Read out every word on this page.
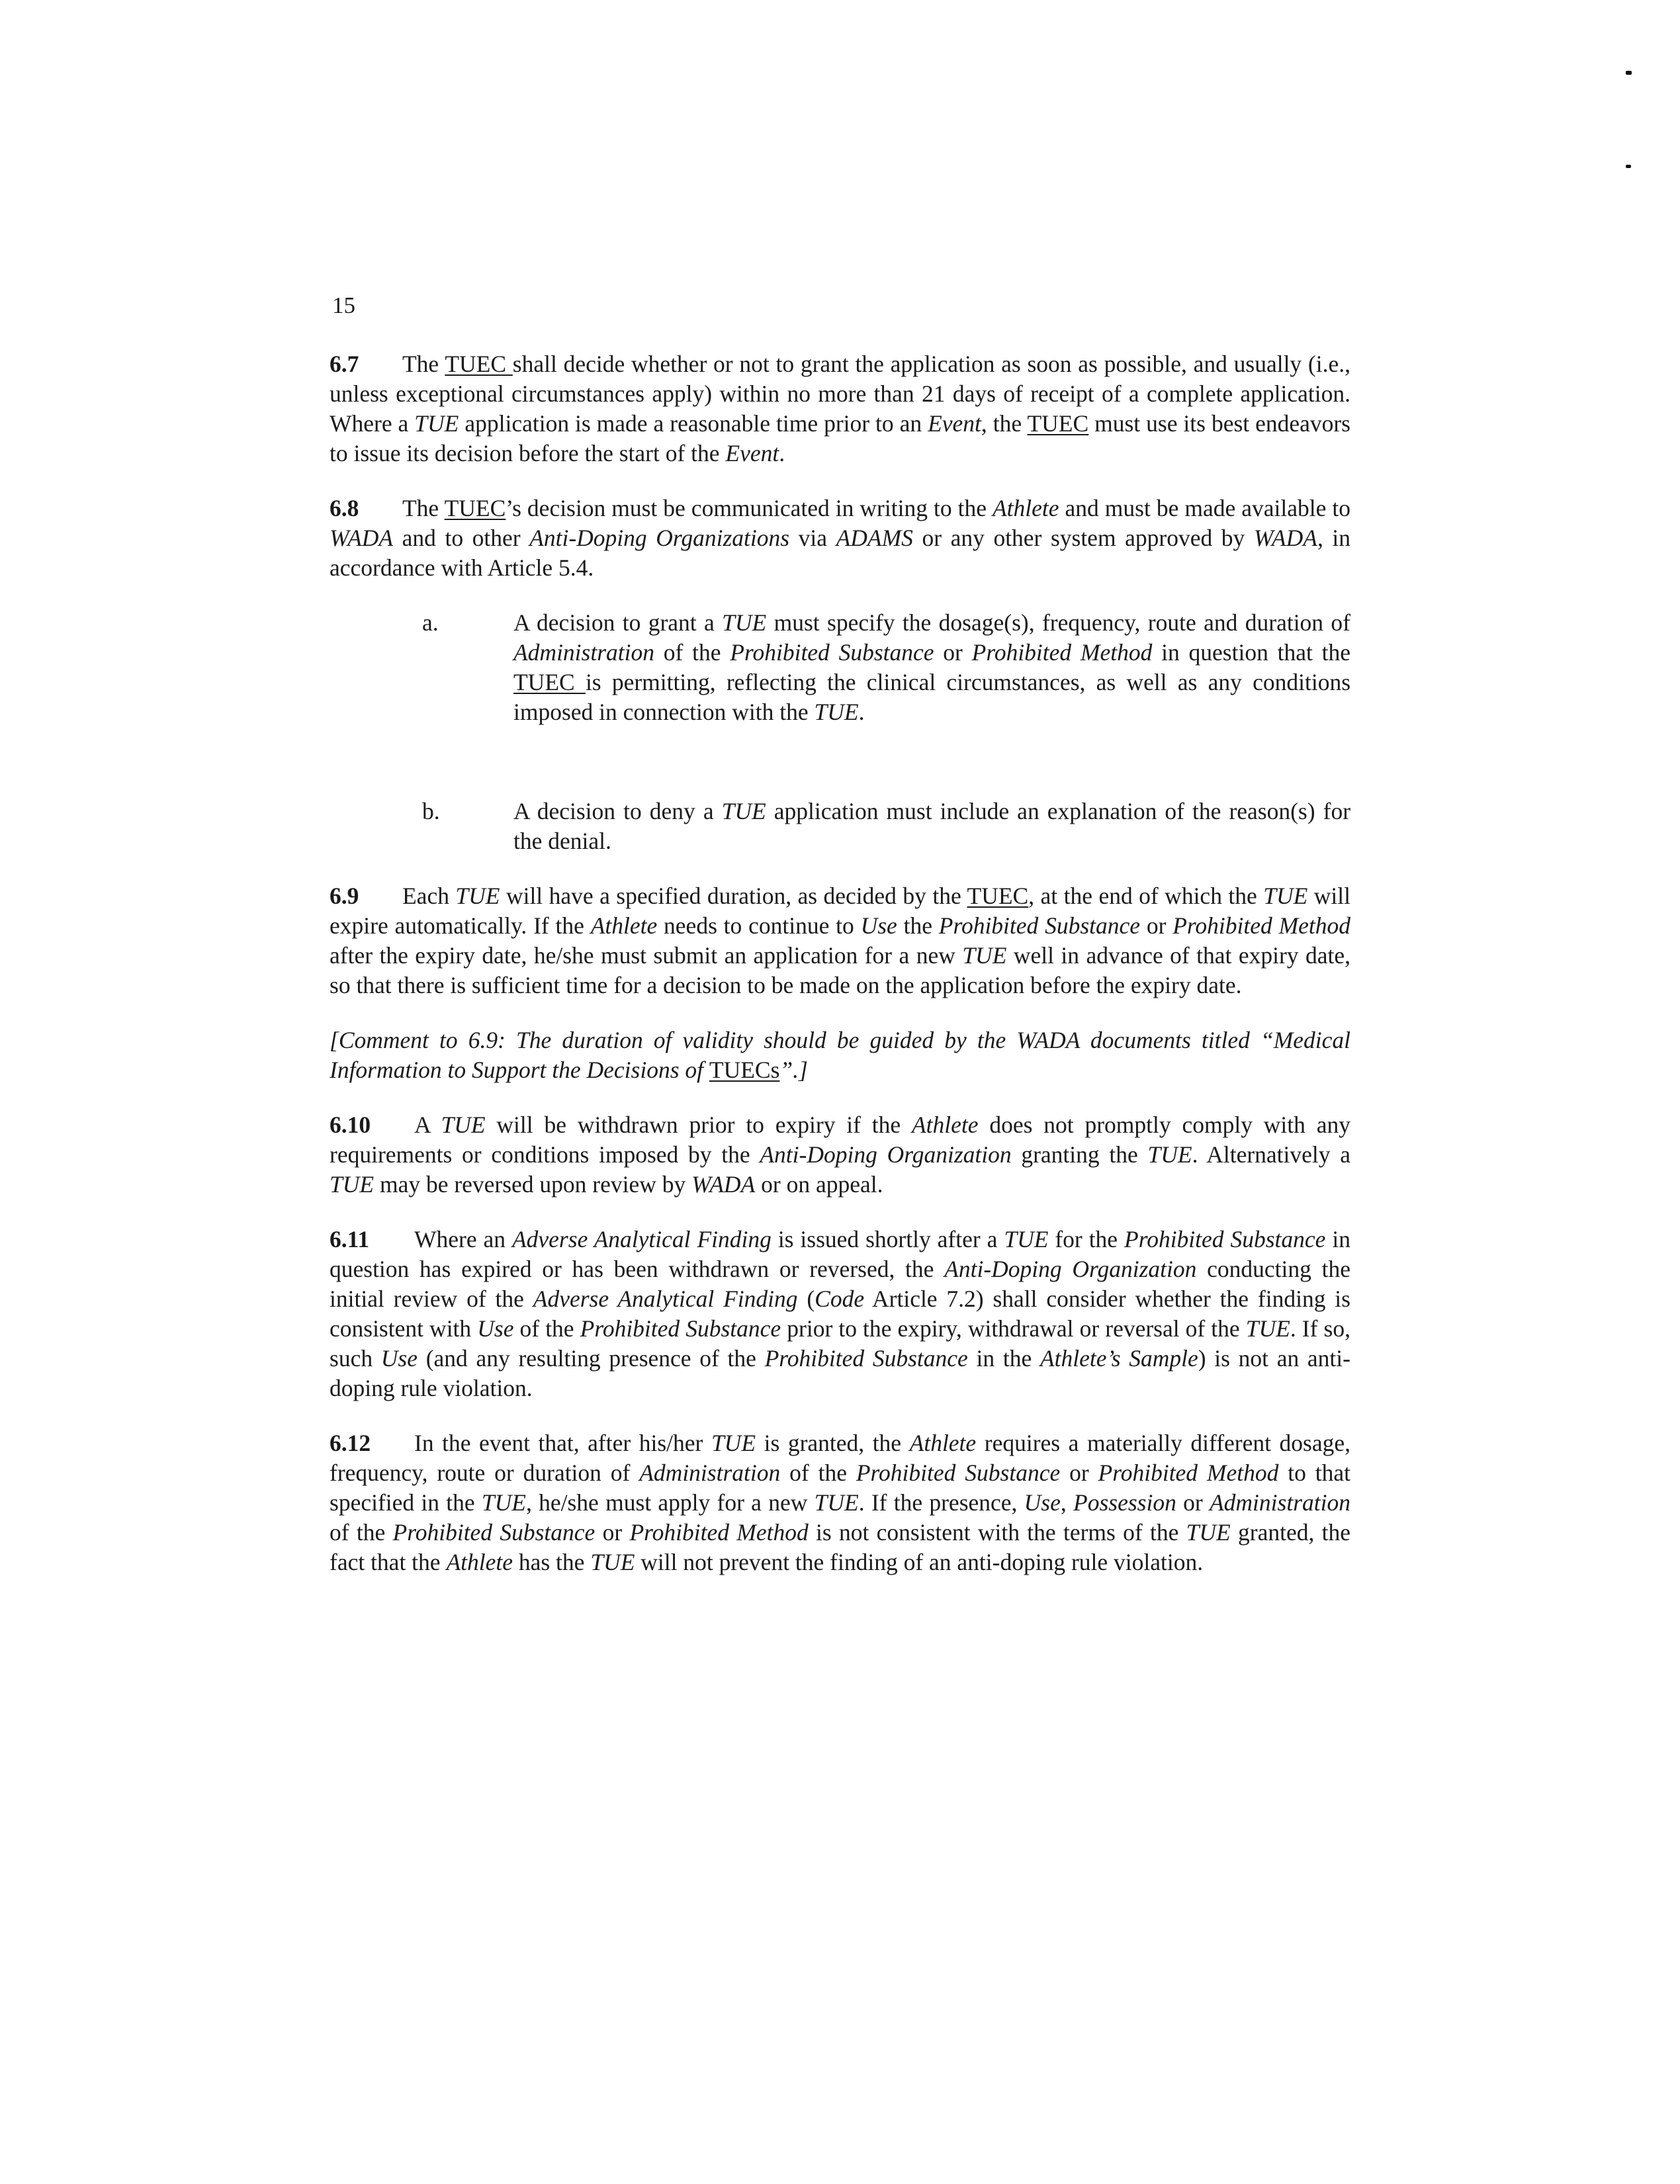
15

6.7 The TUEC shall decide whether or not to grant the application as soon as possible, and usually (i.e., unless exceptional circumstances apply) within no more than 21 days of receipt of a complete application. Where a TUE application is made a reasonable time prior to an Event, the TUEC must use its best endeavors to issue its decision before the start of the Event.

6.8 The TUEC’s decision must be communicated in writing to the Athlete and must be made available to WADA and to other Anti-Doping Organizations via ADAMS or any other system approved by WADA, in accordance with Article 5.4.

a.	A decision to grant a TUE must specify the dosage(s), frequency, route and duration of Administration of the Prohibited Substance or Prohibited Method in question that the TUEC is permitting, reflecting the clinical circumstances, as well as any conditions imposed in connection with the TUE.
b.	A decision to deny a TUE application must include an explanation of the reason(s) for the denial.

6.9 Each TUE will have a specified duration, as decided by the TUEC, at the end of which the TUE will expire automatically. If the Athlete needs to continue to Use the Prohibited Substance or Prohibited Method after the expiry date, he/she must submit an application for a new TUE well in advance of that expiry date, so that there is sufficient time for a decision to be made on the application before the expiry date.

[Comment to 6.9: The duration of validity should be guided by the WADA documents titled “Medical Information to Support the Decisions of TUECs”.]

6.10 A TUE will be withdrawn prior to expiry if the Athlete does not promptly comply with any requirements or conditions imposed by the Anti-Doping Organization granting the TUE. Alternatively a TUE may be reversed upon review by WADA or on appeal.

6.11 Where an Adverse Analytical Finding is issued shortly after a TUE for the Prohibited Substance in question has expired or has been withdrawn or reversed, the Anti-Doping Organization conducting the initial review of the Adverse Analytical Finding (Code Article 7.2) shall consider whether the finding is consistent with Use of the Prohibited Substance prior to the expiry, withdrawal or reversal of the TUE. If so, such Use (and any resulting presence of the Prohibited Substance in the Athlete’s Sample) is not an anti-doping rule violation.

6.12 In the event that, after his/her TUE is granted, the Athlete requires a materially different dosage, frequency, route or duration of Administration of the Prohibited Substance or Prohibited Method to that specified in the TUE, he/she must apply for a new TUE. If the presence, Use, Possession or Administration of the Prohibited Substance or Prohibited Method is not consistent with the terms of the TUE granted, the fact that the Athlete has the TUE will not prevent the finding of an anti-doping rule violation.
